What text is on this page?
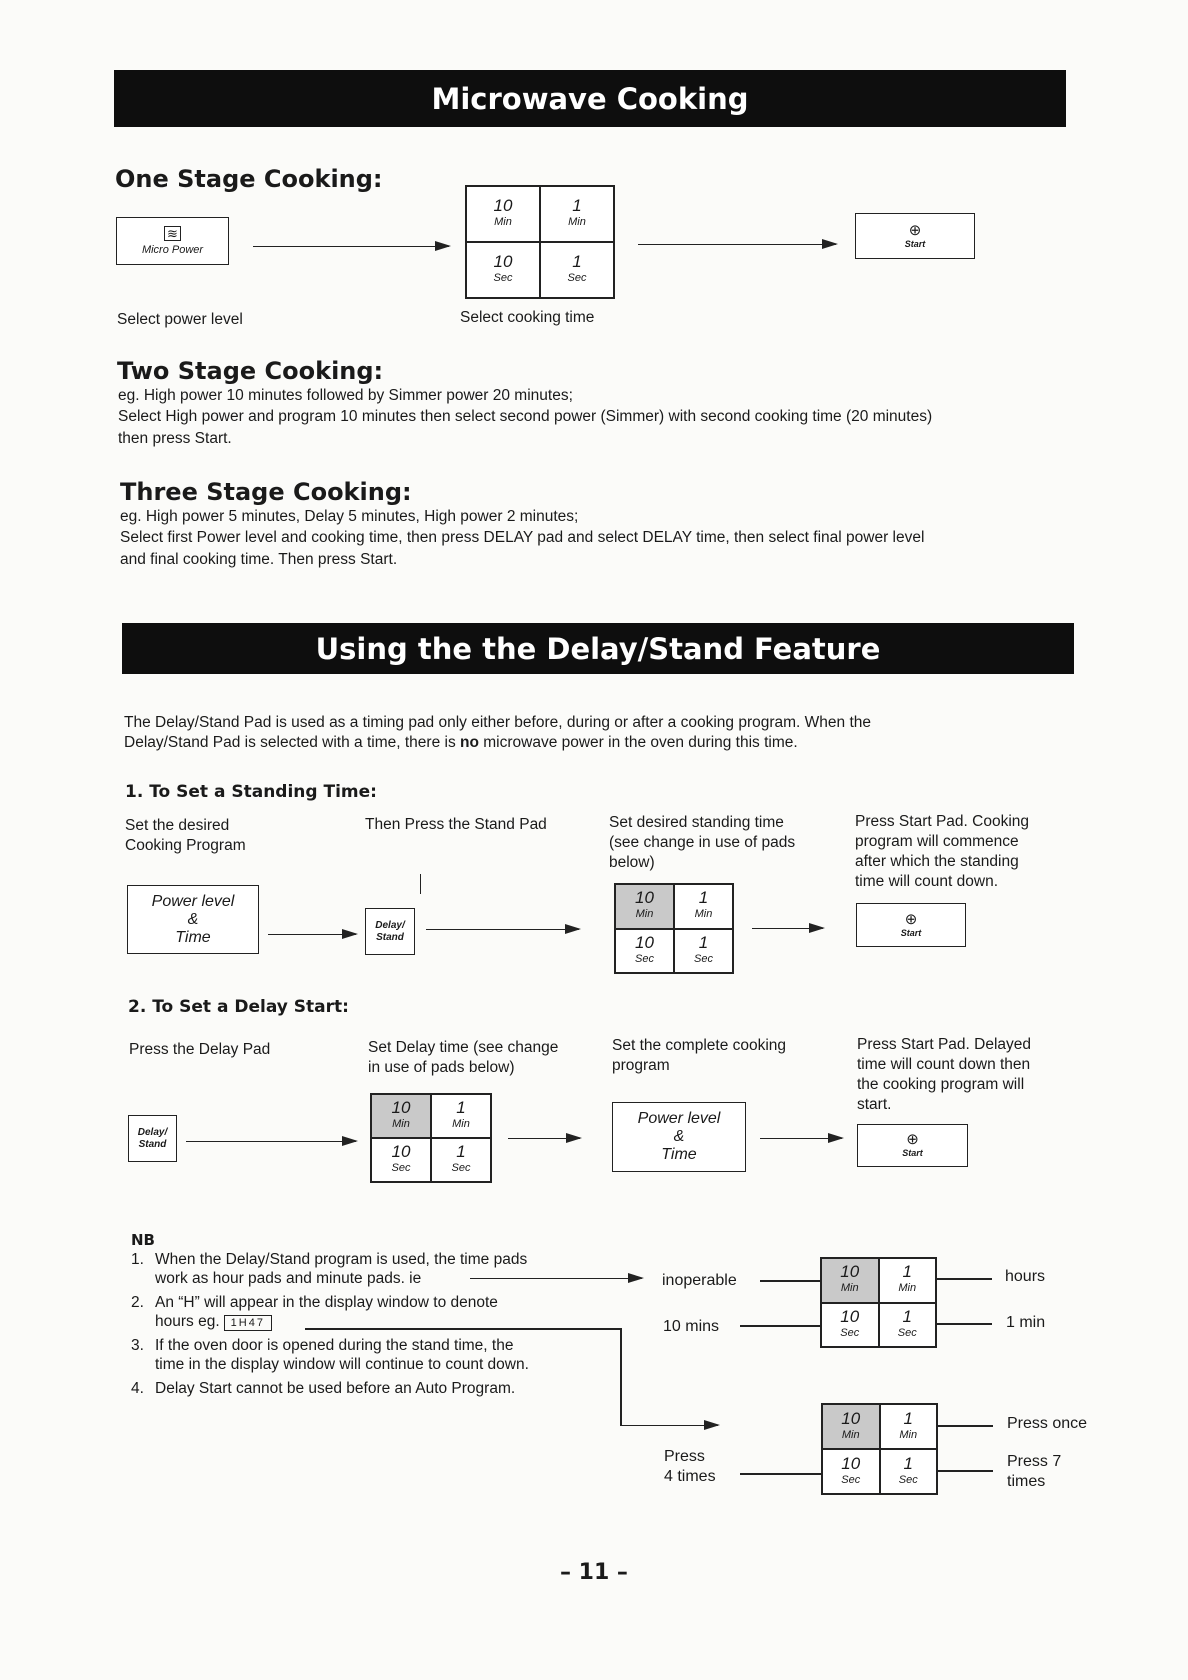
Microwave Cooking
One Stage Cooking:
≋
Micro Power
10
Min
1
Min
10
Sec
1
Sec
⊕
Start
Select power level	Select cooking time
Two Stage Cooking:
eg. High power 10 minutes followed by Simmer power 20 minutes;
Select High power and program 10 minutes then select second power (Simmer) with second cooking time (20 minutes)
then press Start.
Three Stage Cooking:
eg. High power 5 minutes, Delay 5 minutes, High power 2 minutes;
Select first Power level and cooking time, then press DELAY pad and select DELAY time, then select final power level
and final cooking time. Then press Start.
Using the the Delay/Stand Feature
The Delay/Stand Pad is used as a timing pad only either before, during or after a cooking program. When the
Delay/Stand Pad is selected with a time, there is no microwave power in the oven during this time.
1. To Set a Standing Time:
Set the desired
Cooking Program
Then Press the Stand Pad	Set desired standing time
(see change in use of pads
below)
Press Start Pad. Cooking
program will commence
after which the standing
time will count down.
Power level
&
Time
Delay/
Stand
10
Min
1
Min
10
Sec
1
Sec
⊕
Start
2. To Set a Delay Start:
Press the Delay Pad	Set Delay time (see change
in use of pads below)
Set the complete cooking
program
Press Start Pad. Delayed
time will count down then
the cooking program will
start.
Delay/
Stand
10
Min
1
Min
10
Sec
1
Sec
Power level
&
Time
⊕
Start
NB
1. When the Delay/Stand program is used, the time pads
work as hour pads and minute pads. ie
2. An “H” will appear in the display window to denote
hours eg. 1H47
3. If the oven door is opened during the stand time, the
time in the display window will continue to count down.
4. Delay Start cannot be used before an Auto Program.
inoperable
10 mins
10
Min
1
Min
10
Sec
1
Sec
hours
1 min
10
Min
1
Min
10
Sec
1
Sec
Press
4 times
Press once
Press 7
times
– 11 –
